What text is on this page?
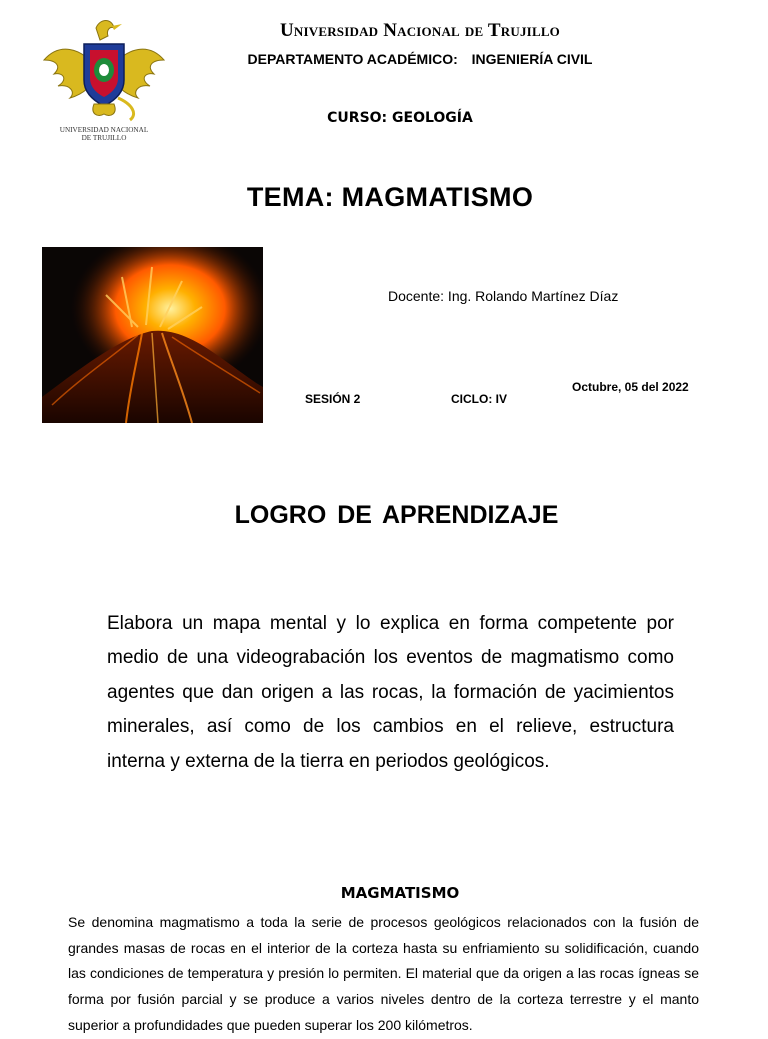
UNIVERSIDAD NACIONAL
DE TRUJILLO
Universidad Nacional de Trujillo
DEPARTAMENTO ACADÉMICO: INGENIERÍA CIVIL
CURSO: GEOLOGÍA
TEMA: MAGMATISMO
Docente: Ing. Rolando Martínez Díaz
Octubre, 05 del 2022
SESIÓN 2	CICLO: IV
LOGRO DE APRENDIZAJE
Elabora un mapa mental y lo explica en forma competente por medio de una videograbación los eventos de magmatismo como agentes que dan origen a las rocas, la formación de yacimientos minerales, así como de los cambios en el relieve, estructura interna y externa de la tierra en periodos geológicos.
MAGMATISMO
Se denomina magmatismo a toda la serie de procesos geológicos relacionados con la fusión de grandes masas de rocas en el interior de la corteza hasta su enfriamiento su solidificación, cuando las condiciones de temperatura y presión lo permiten. El material que da origen a las rocas ígneas se forma por fusión parcial y se produce a varios niveles dentro de la corteza terrestre y el manto superior a profundidades que pueden superar los 200 kilómetros.
